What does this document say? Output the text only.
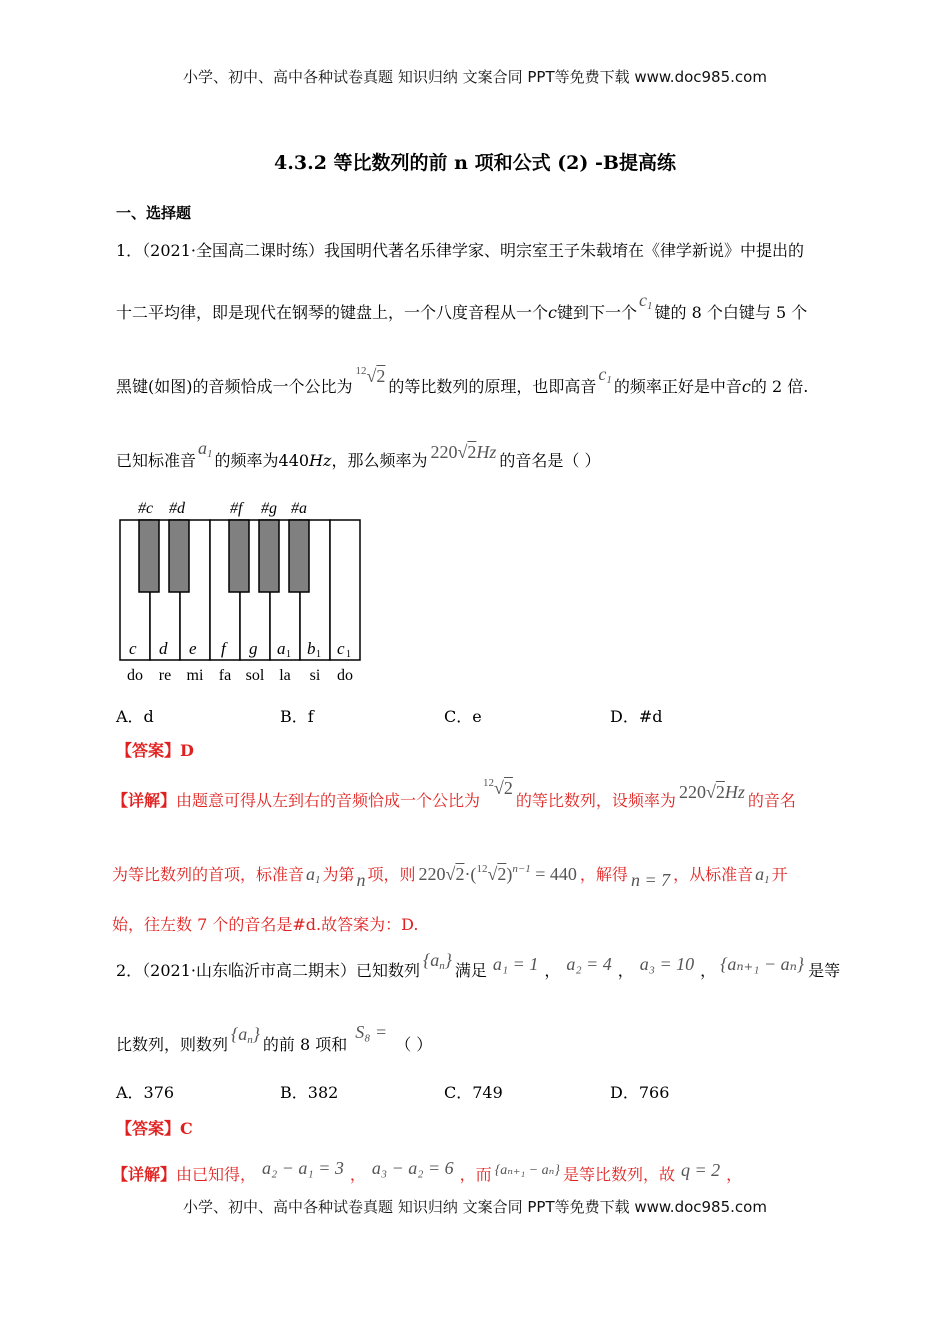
小学、初中、高中各种试卷真题 知识归纳 文案合同 PPT等免费下载 www.doc985.com
4.3.2 等比数列的前 n 项和公式 (2) -B提高练
一、选择题
1．（2021·全国高二课时练）我国明代著名乐律学家、明宗室王子朱载堉在《律学新说》中提出的
十二平均律，即是现代在钢琴的键盘上，一个八度音程从一个c键到下一个$c_1$ 键的 8 个白键与 5 个
黑键(如图)的音频恰成一个公比为$^{12}$√2的等比数列的原理，也即高音$c_1$ 的频率正好是中音c的 2 倍.
已知标准音$a_1$ 的频率为440Hz，那么频率为 220√2Hz 的音名是（ ）
#c #d	#f #g #a
c d e f g a b c
1	1	1
do re mi fa sol la si do
A．d	B．f	C．e	D．#d
【答案】D
【详解】由题意可得从左到右的音频恰成一个公比为$^{12}$√2的等比数列，设频率为 220√2Hz 的音名
为等比数列的首项，标准音 $a_1$ 为第 n 项，则 $220√2\cdot(^{12}√2)^{n-1} = 440$ ，解得 n = 7 ，从标准音 $a_1$ 开
始，往左数 7 个的音名是#d.故答案为：D.
2．（2021·山东临沂市高二期末）已知数列$\{a_n\}$满足 a₁ = 1 ， a₂ = 4 ， a₃ = 10 ， {aₙ₊₁ − aₙ} 是等
比数列，则数列$\{a_n\}$的前 8 项和S₈ =（ ）
A．376	B．382	C．749	D．766
【答案】C
【详解】由已知得， a₂ − a₁ = 3 ， a₃ − a₂ = 6 ，而 {aₙ₊₁ − aₙ} 是等比数列，故 q = 2 ，
小学、初中、高中各种试卷真题 知识归纳 文案合同 PPT等免费下载 www.doc985.com
